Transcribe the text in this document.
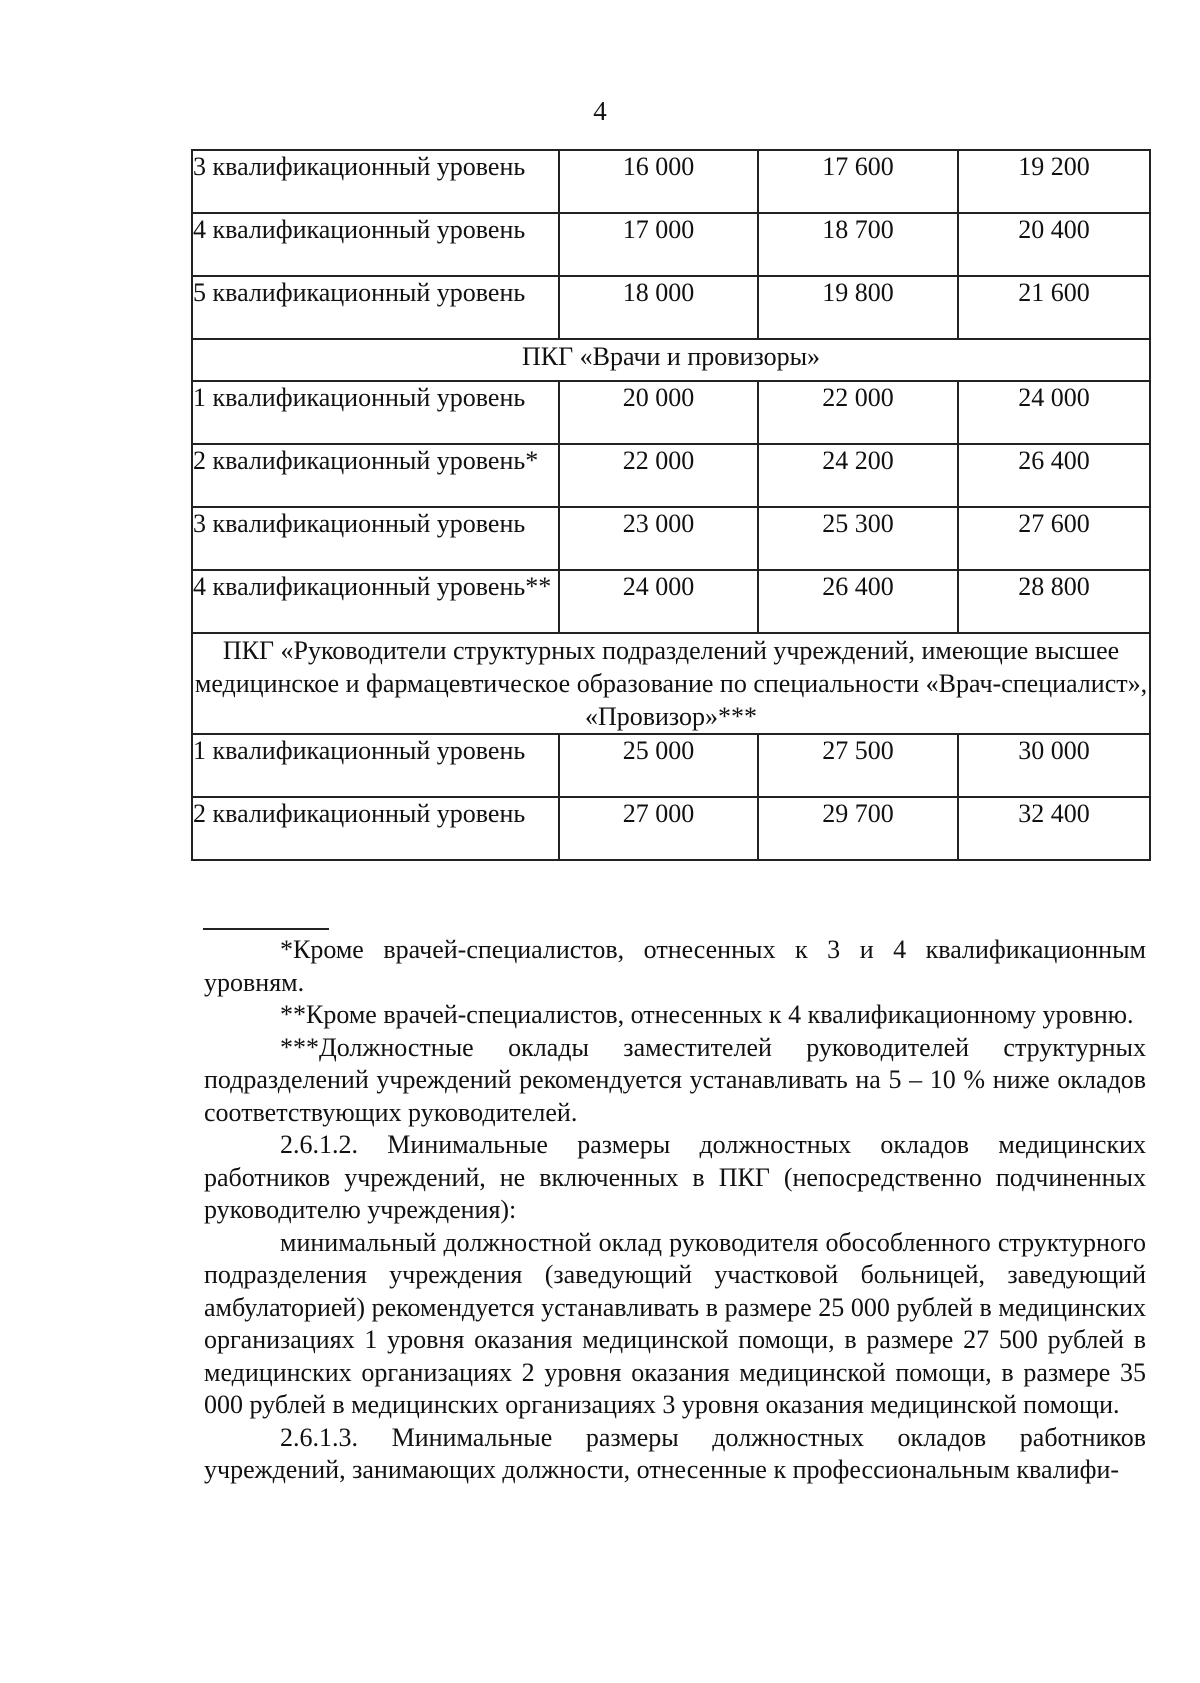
4
3 квалификационный уровень	16 000	17 600	19 200
4 квалификационный уровень	17 000	18 700	20 400
5 квалификационный уровень	18 000	19 800	21 600
ПКГ «Врачи и провизоры»			
1 квалификационный уровень	20 000	22 000	24 000
2 квалификационный уровень*	22 000	24 200	26 400
3 квалификационный уровень	23 000	25 300	27 600
4 квалификационный уровень**	24 000	26 400	28 800
ПКГ «Руководители структурных подразделений учреждений, имеющие высшее медицинское и фармацевтическое образование по специальности «Врач-специалист», «Провизор»***			
1 квалификационный уровень	25 000	27 500	30 000
2 квалификационный уровень	27 000	29 700	32 400

*Кроме врачей-специалистов, отнесенных к 3 и 4 квалификационным уровням.

**Кроме врачей-специалистов, отнесенных к 4 квалификационному уровню.

***Должностные оклады заместителей руководителей структурных подразделений учреждений рекомендуется устанавливать на 5 – 10 % ниже окладов соответствующих руководителей.

2.6.1.2. Минимальные размеры должностных окладов медицинских работников учреждений, не включенных в ПКГ (непосредственно подчиненных руководителю учреждения):

минимальный должностной оклад руководителя обособленного структурного подразделения учреждения (заведующий участковой больницей, заведующий амбулаторией) рекомендуется устанавливать в размере 25 000 рублей в медицинских организациях 1 уровня оказания медицинской помощи, в размере 27 500 рублей в медицинских организациях 2 уровня оказания медицинской помощи, в размере 35 000 рублей в медицинских организациях 3 уровня оказания медицинской помощи.

2.6.1.3. Минимальные размеры должностных окладов работников учреждений, занимающих должности, отнесенные к профессиональным квалифи-
